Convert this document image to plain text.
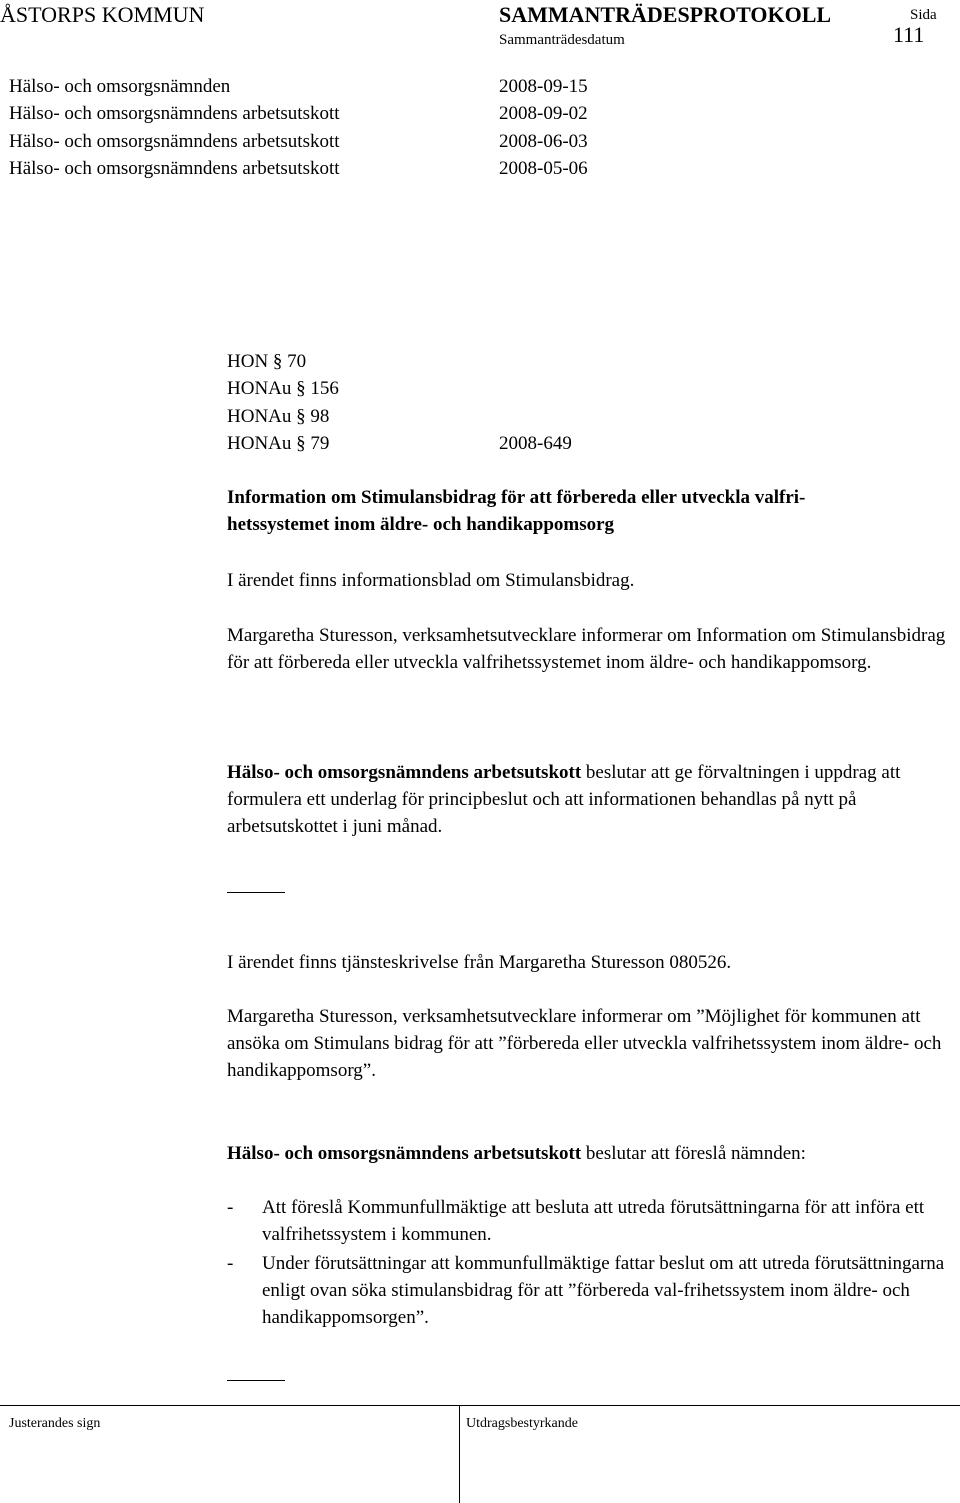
ÅSTORPS KOMMUN	SAMMANTRÄDESPROTOKOLL
Sammanträdesdatum
Sida
111
Hälso- och omsorgsnämnden	2008-09-15
Hälso- och omsorgsnämndens arbetsutskott	2008-09-02
Hälso- och omsorgsnämndens arbetsutskott	2008-06-03
Hälso- och omsorgsnämndens arbetsutskott	2008-05-06
HON § 70
HONAu § 156
HONAu § 98
HONAu § 79	2008-649
Information om Stimulansbidrag för att förbereda eller utveckla valfri-
hetssystemet inom äldre- och handikappomsorg

I ärendet finns informationsblad om Stimulansbidrag.

Margaretha Sturesson, verksamhetsutvecklare informerar om Information om Stimulansbidrag för att förbereda eller utveckla valfrihetssystemet inom äldre- och handikappomsorg.

Hälso- och omsorgsnämndens arbetsutskott beslutar att ge förvaltningen i uppdrag att formulera ett underlag för principbeslut och att informationen behandlas på nytt på arbetsutskottet i juni månad.

I ärendet finns tjänsteskrivelse från Margaretha Sturesson 080526.

Margaretha Sturesson, verksamhetsutvecklare informerar om ”Möjlighet för kommunen att ansöka om Stimulans bidrag för att ”förbereda eller utveckla valfrihetssystem inom äldre- och handikappomsorg”.

Hälso- och omsorgsnämndens arbetsutskott beslutar att föreslå nämnden:

- Att föreslå Kommunfullmäktige att besluta att utreda förutsättningarna för att införa ett valfrihetssystem i kommunen.
- Under förutsättningar att kommunfullmäktige fattar beslut om att utreda förutsättningarna enligt ovan söka stimulansbidrag för att ”förbereda val-frihetssystem inom äldre- och handikappomsorgen”.
Justerandes sign	Utdragsbestyrkande
